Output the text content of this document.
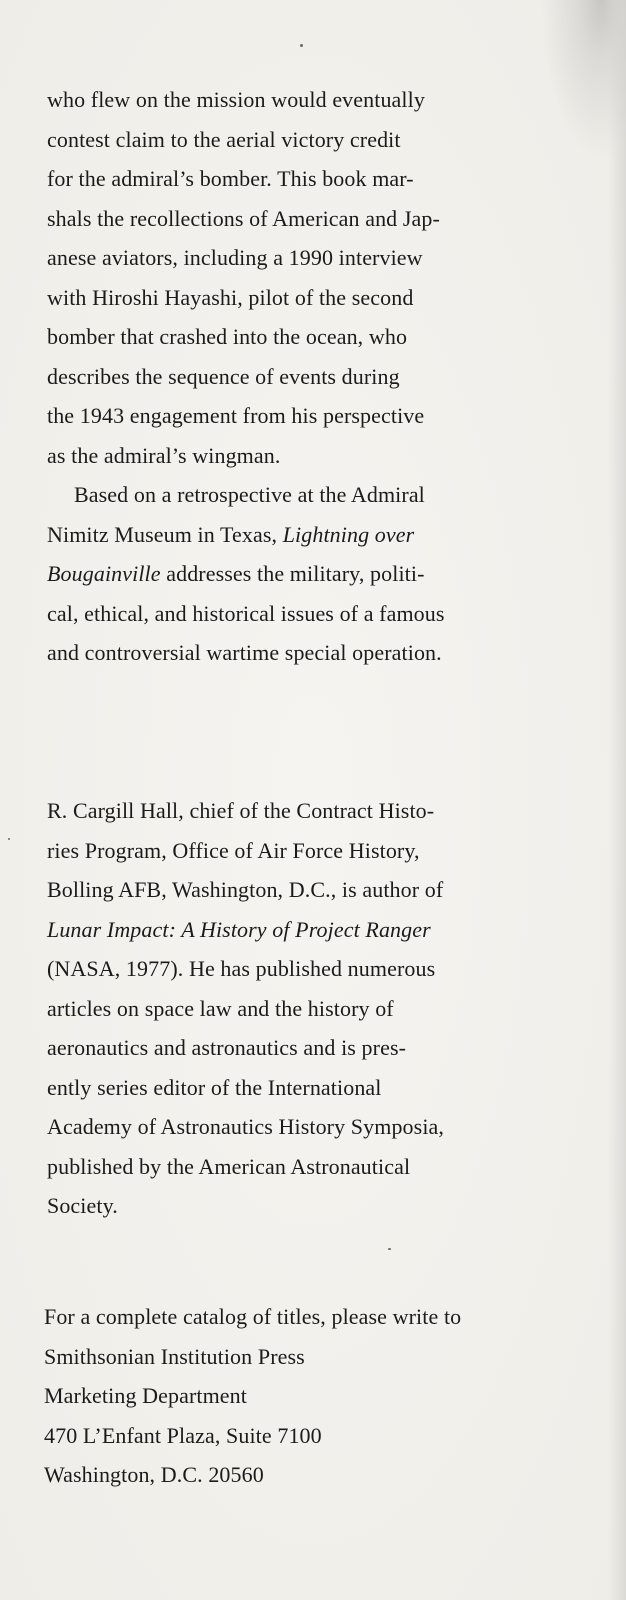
who flew on the mission would eventually
contest claim to the aerial victory credit
for the admiral’s bomber. This book mar-
shals the recollections of American and Jap-
anese aviators, including a 1990 interview
with Hiroshi Hayashi, pilot of the second
bomber that crashed into the ocean, who
describes the sequence of events during
the 1943 engagement from his perspective
as the admiral’s wingman.
Based on a retrospective at the Admiral
Nimitz Museum in Texas, Lightning over
Bougainville addresses the military, politi-
cal, ethical, and historical issues of a famous
and controversial wartime special operation.
R. Cargill Hall, chief of the Contract Histo-
ries Program, Office of Air Force History,
Bolling AFB, Washington, D.C., is author of
Lunar Impact: A History of Project Ranger
(NASA, 1977). He has published numerous
articles on space law and the history of
aeronautics and astronautics and is pres-
ently series editor of the International
Academy of Astronautics History Symposia,
published by the American Astronautical
Society.
For a complete catalog of titles, please write to
Smithsonian Institution Press
Marketing Department
470 L’Enfant Plaza, Suite 7100
Washington, D.C. 20560
